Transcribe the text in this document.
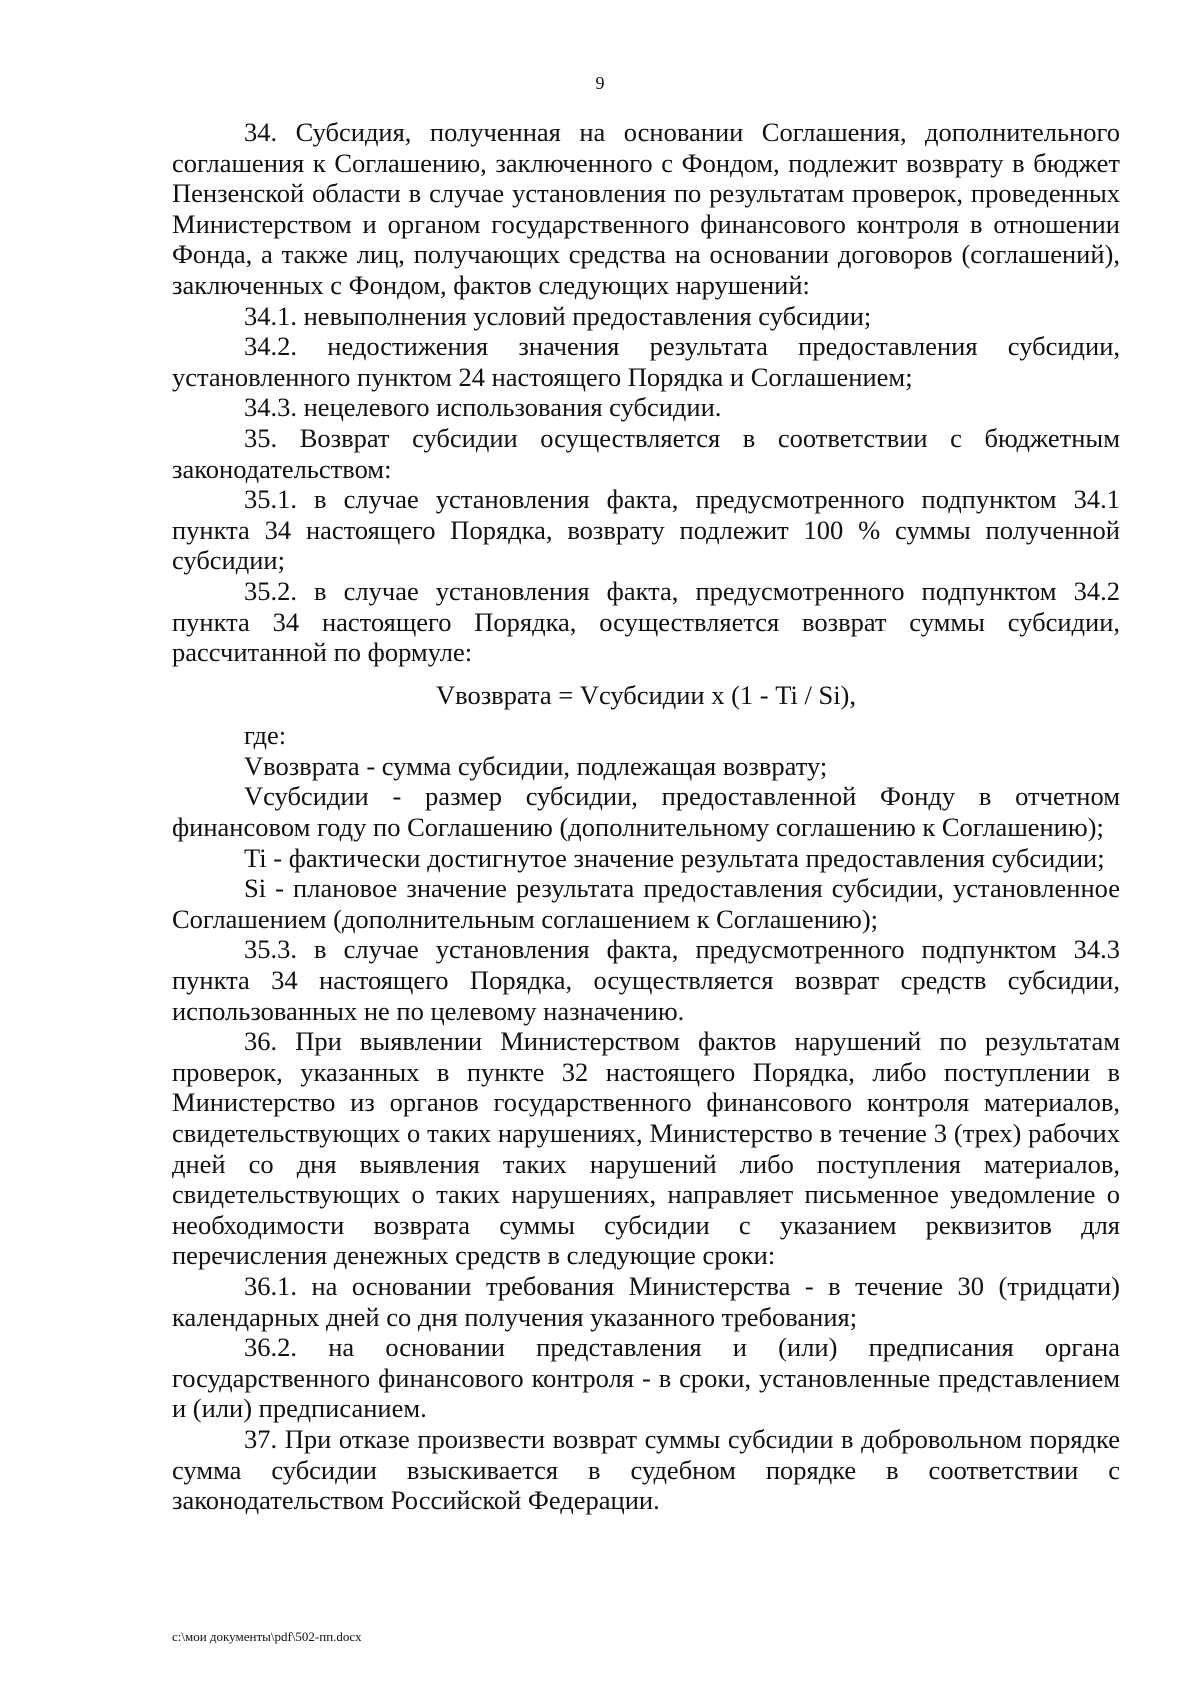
9

34. Субсидия, полученная на основании Соглашения, дополнительного соглашения к Соглашению, заключенного с Фондом, подлежит возврату в бюджет Пензенской области в случае установления по результатам проверок, проведенных Министерством и органом государственного финансового контроля в отношении Фонда, а также лиц, получающих средства на основании договоров (соглашений), заключенных с Фондом, фактов следующих нарушений:

34.1. невыполнения условий предоставления субсидии;

34.2. недостижения значения результата предоставления субсидии, установленного пунктом 24 настоящего Порядка и Соглашением;

34.3. нецелевого использования субсидии.

35. Возврат субсидии осуществляется в соответствии с бюджетным законодательством:

35.1. в случае установления факта, предусмотренного подпунктом 34.1 пункта 34 настоящего Порядка, возврату подлежит 100 % суммы полученной субсидии;

35.2. в случае установления факта, предусмотренного подпунктом 34.2 пункта 34 настоящего Порядка, осуществляется возврат суммы субсидии, рассчитанной по формуле:

Vвозврата = Vсубсидии х (1 - Ti / Si),

где:

Vвозврата - сумма субсидии, подлежащая возврату;

Vсубсидии - размер субсидии, предоставленной Фонду в отчетном финансовом году по Соглашению (дополнительному соглашению к Соглашению);

Ti - фактически достигнутое значение результата предоставления субсидии;

Si - плановое значение результата предоставления субсидии, установленное Соглашением (дополнительным соглашением к Соглашению);

35.3. в случае установления факта, предусмотренного подпунктом 34.3 пункта 34 настоящего Порядка, осуществляется возврат средств субсидии, использованных не по целевому назначению.

36. При выявлении Министерством фактов нарушений по результатам проверок, указанных в пункте 32 настоящего Порядка, либо поступлении в Министерство из органов государственного финансового контроля материалов, свидетельствующих о таких нарушениях, Министерство в течение 3 (трех) рабочих дней со дня выявления таких нарушений либо поступления материалов, свидетельствующих о таких нарушениях, направляет письменное уведомление о необходимости возврата суммы субсидии с указанием реквизитов для перечисления денежных средств в следующие сроки:

36.1. на основании требования Министерства - в течение 30 (тридцати) календарных дней со дня получения указанного требования;

36.2. на основании представления и (или) предписания органа государственного финансового контроля - в сроки, установленные представлением и (или) предписанием.

37. При отказе произвести возврат суммы субсидии в добровольном порядке сумма субсидии взыскивается в судебном порядке в соответствии с законодательством Российской Федерации.

c:\мои документы\pdf\502-пп.docx
